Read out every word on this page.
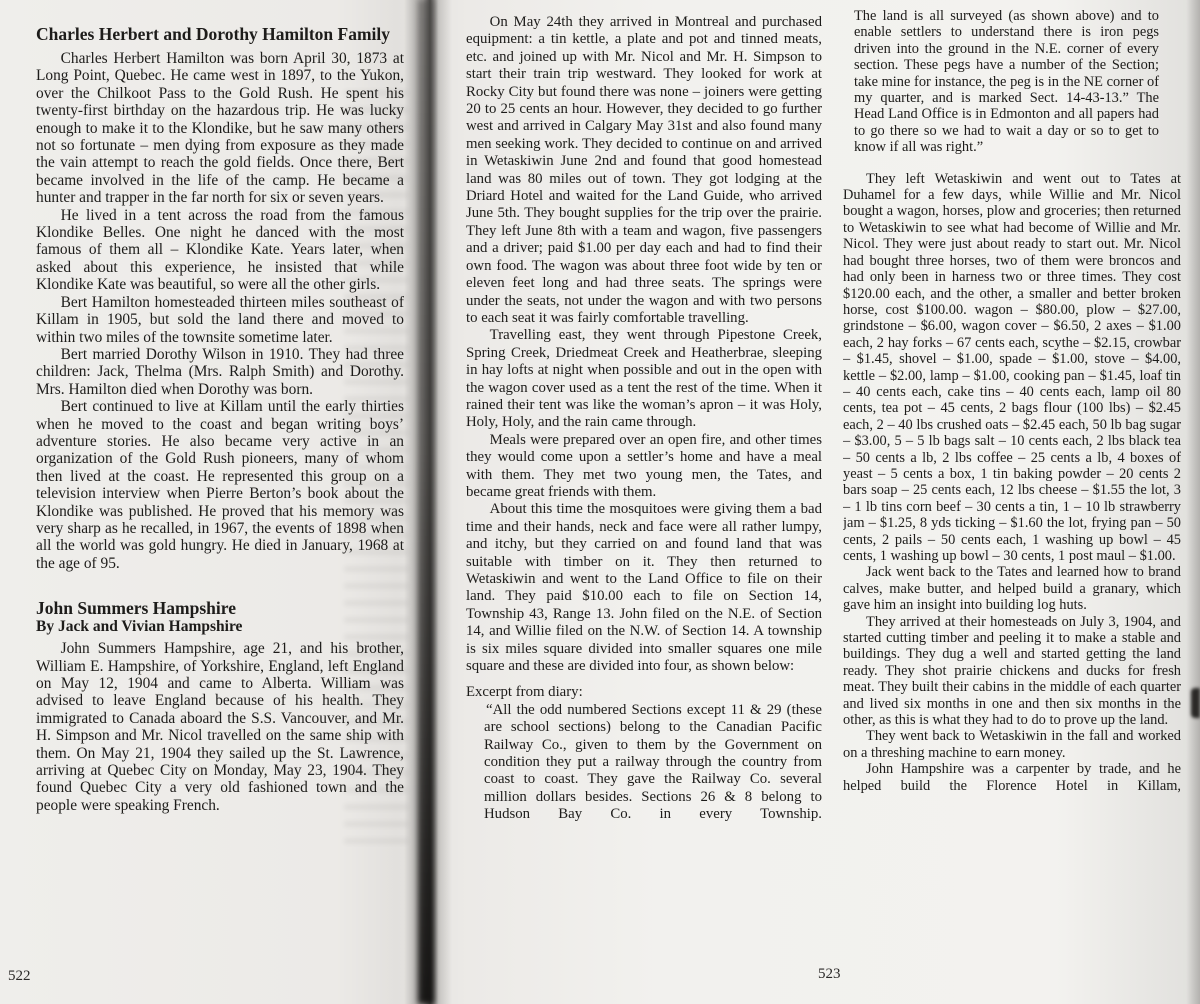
Charles Herbert and Dorothy Hamilton Family

Charles Herbert Hamilton was born April 30, 1873 at Long Point, Quebec. He came west in 1897, to the Yukon, over the Chilkoot Pass to the Gold Rush. He spent his twenty-first birthday on the hazardous trip. He was lucky enough to make it to the Klondike, but he saw many others not so fortunate – men dying from exposure as they made the vain attempt to reach the gold fields. Once there, Bert became involved in the life of the camp. He became a hunter and trapper in the far north for six or seven years.

He lived in a tent across the road from the famous Klondike Belles. One night he danced with the most famous of them all – Klondike Kate. Years later, when asked about this experience, he insisted that while Klondike Kate was beautiful, so were all the other girls.

Bert Hamilton homesteaded thirteen miles southeast of Killam in 1905, but sold the land there and moved to within two miles of the townsite sometime later.

Bert married Dorothy Wilson in 1910. They had three children: Jack, Thelma (Mrs. Ralph Smith) and Dorothy. Mrs. Hamilton died when Dorothy was born.

Bert continued to live at Killam until the early thirties when he moved to the coast and began writing boys’ adventure stories. He also became very active in an organization of the Gold Rush pioneers, many of whom then lived at the coast. He represented this group on a television interview when Pierre Berton’s book about the Klondike was published. He proved that his memory was very sharp as he recalled, in 1967, the events of 1898 when all the world was gold hungry. He died in January, 1968 at the age of 95.

John Summers Hampshire
By Jack and Vivian Hampshire

John Summers Hampshire, age 21, and his brother, William E. Hampshire, of Yorkshire, England, left England on May 12, 1904 and came to Alberta. William was advised to leave England because of his health. They immigrated to Canada aboard the S.S. Vancouver, and Mr. H. Simpson and Mr. Nicol travelled on the same ship with them. On May 21, 1904 they sailed up the St. Lawrence, arriving at Quebec City on Monday, May 23, 1904. They found Quebec City a very old fashioned town and the people were speaking French.

522

On May 24th they arrived in Montreal and purchased equipment: a tin kettle, a plate and pot and tinned meats, etc. and joined up with Mr. Nicol and Mr. H. Simpson to start their train trip westward. They looked for work at Rocky City but found there was none – joiners were getting 20 to 25 cents an hour. However, they decided to go further west and arrived in Calgary May 31st and also found many men seeking work. They decided to continue on and arrived in Wetaskiwin June 2nd and found that good homestead land was 80 miles out of town. They got lodging at the Driard Hotel and waited for the Land Guide, who arrived June 5th. They bought supplies for the trip over the prairie. They left June 8th with a team and wagon, five passengers and a driver; paid $1.00 per day each and had to find their own food. The wagon was about three foot wide by ten or eleven feet long and had three seats. The springs were under the seats, not under the wagon and with two persons to each seat it was fairly comfortable travelling.

Travelling east, they went through Pipestone Creek, Spring Creek, Driedmeat Creek and Heatherbrae, sleeping in hay lofts at night when possible and out in the open with the wagon cover used as a tent the rest of the time. When it rained their tent was like the woman’s apron – it was Holy, Holy, Holy, and the rain came through.

Meals were prepared over an open fire, and other times they would come upon a settler’s home and have a meal with them. They met two young men, the Tates, and became great friends with them.

About this time the mosquitoes were giving them a bad time and their hands, neck and face were all rather lumpy, and itchy, but they carried on and found land that was suitable with timber on it. They then returned to Wetaskiwin and went to the Land Office to file on their land. They paid $10.00 each to file on Section 14, Township 43, Range 13. John filed on the N.E. of Section 14, and Willie filed on the N.W. of Section 14. A township is six miles square divided into smaller squares one mile square and these are divided into four, as shown below:

Excerpt from diary:

“All the odd numbered Sections except 11 & 29 (these are school sections) belong to the Canadian Pacific Railway Co., given to them by the Government on condition they put a railway through the country from coast to coast. They gave the Railway Co. several million dollars besides. Sections 26 & 8 belong to Hudson Bay Co. in every Township.

The land is all surveyed (as shown above) and to enable settlers to understand there is iron pegs driven into the ground in the N.E. corner of every section. These pegs have a number of the Section; take mine for instance, the peg is in the NE corner of my quarter, and is marked Sect. 14-43-13.” The Head Land Office is in Edmonton and all papers had to go there so we had to wait a day or so to get to know if all was right.”

They left Wetaskiwin and went out to Tates at Duhamel for a few days, while Willie and Mr. Nicol bought a wagon, horses, plow and groceries; then returned to Wetaskiwin to see what had become of Willie and Mr. Nicol. They were just about ready to start out. Mr. Nicol had bought three horses, two of them were broncos and had only been in harness two or three times. They cost $120.00 each, and the other, a smaller and better broken horse, cost $100.00. wagon – $80.00, plow – $27.00, grindstone – $6.00, wagon cover – $6.50, 2 axes – $1.00 each, 2 hay forks – 67 cents each, scythe – $2.15, crowbar – $1.45, shovel – $1.00, spade – $1.00, stove – $4.00, kettle – $2.00, lamp – $1.00, cooking pan – $1.45, loaf tin – 40 cents each, cake tins – 40 cents each, lamp oil 80 cents, tea pot – 45 cents, 2 bags flour (100 lbs) – $2.45 each, 2 – 40 lbs crushed oats – $2.45 each, 50 lb bag sugar – $3.00, 5 – 5 lb bags salt – 10 cents each, 2 lbs black tea – 50 cents a lb, 2 lbs coffee – 25 cents a lb, 4 boxes of yeast – 5 cents a box, 1 tin baking powder – 20 cents 2 bars soap – 25 cents each, 12 lbs cheese – $1.55 the lot, 3 – 1 lb tins corn beef – 30 cents a tin, 1 – 10 lb strawberry jam – $1.25, 8 yds ticking – $1.60 the lot, frying pan – 50 cents, 2 pails – 50 cents each, 1 washing up bowl – 45 cents, 1 washing up bowl – 30 cents, 1 post maul – $1.00.

Jack went back to the Tates and learned how to brand calves, make butter, and helped build a granary, which gave him an insight into building log huts.

They arrived at their homesteads on July 3, 1904, and started cutting timber and peeling it to make a stable and buildings. They dug a well and started getting the land ready. They shot prairie chickens and ducks for fresh meat. They built their cabins in the middle of each quarter and lived six months in one and then six months in the other, as this is what they had to do to prove up the land.

They went back to Wetaskiwin in the fall and worked on a threshing machine to earn money.

John Hampshire was a carpenter by trade, and he helped build the Florence Hotel in Killam,

523
